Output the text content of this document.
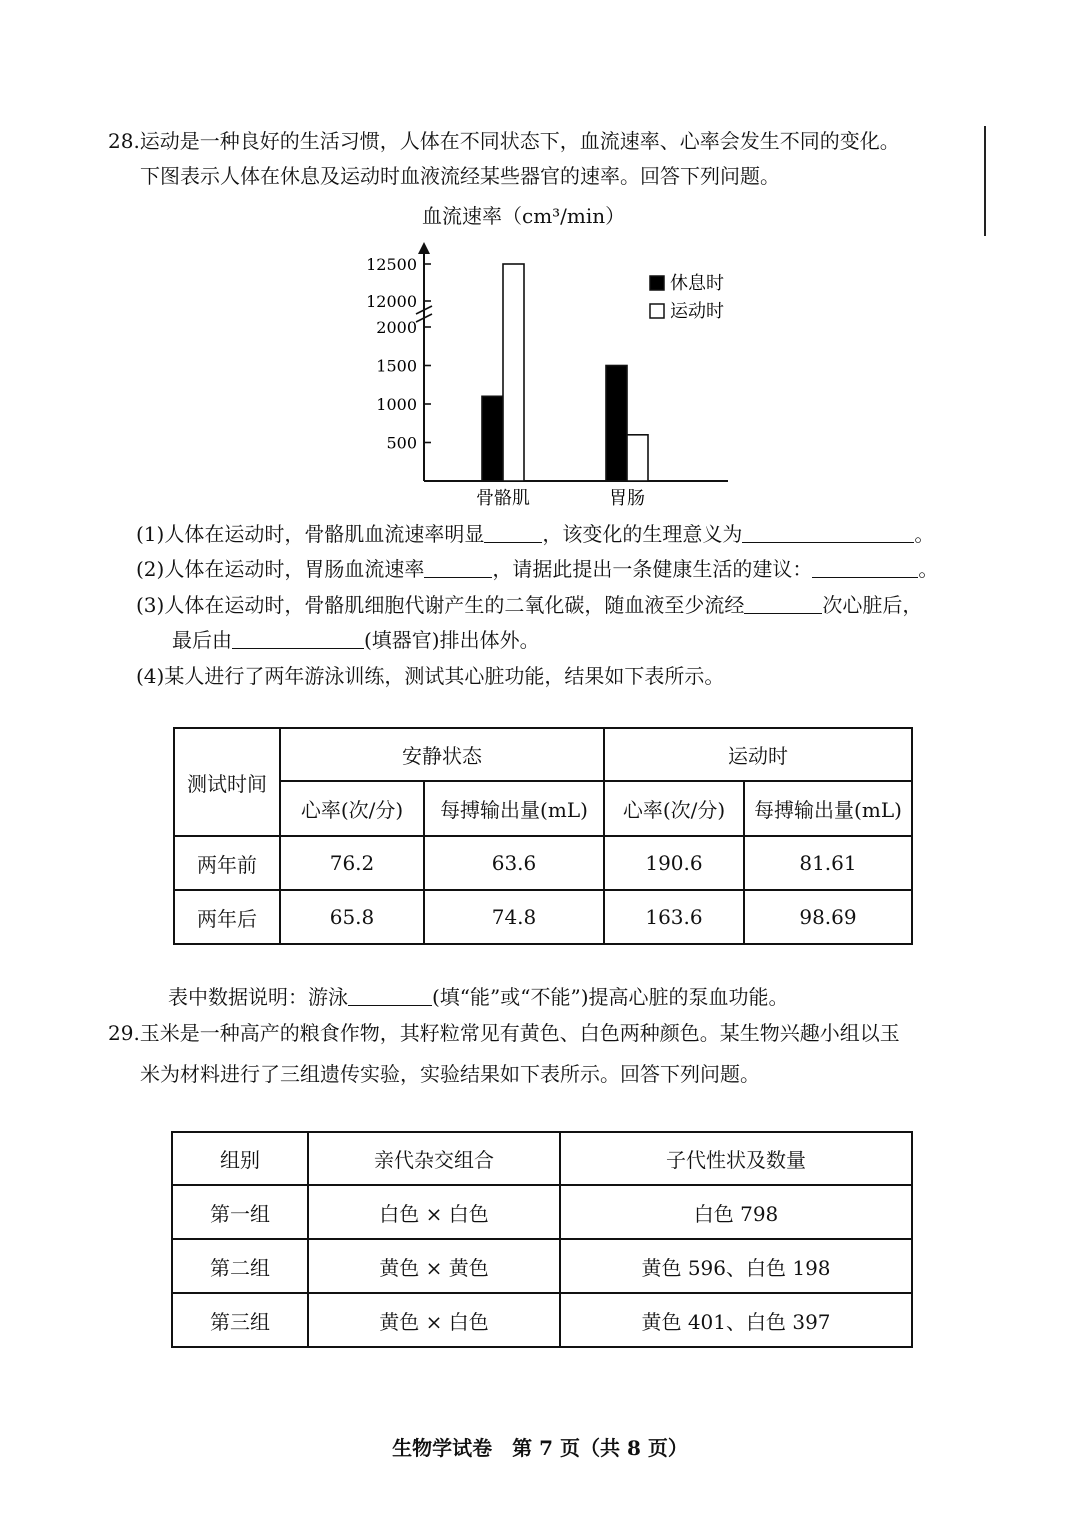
28.运动是一种良好的生活习惯，人体在不同状态下，血流速率、心率会发生不同的变化。
下图表示人体在休息及运动时血液流经某些器官的速率。回答下列问题。
血流速率（cm³/min）
12500
12000
2000
1500
1000
500
骨骼肌	胃肠
休息时
运动时
(1)人体在运动时，骨骼肌血流速率明显	，该变化的生理意义为	。
(2)人体在运动时，胃肠血流速率	，请据此提出一条健康生活的建议：	。
(3)人体在运动时，骨骼肌细胞代谢产生的二氧化碳，随血液至少流经	次心脏后，
最后由	(填器官)排出体外。
(4)某人进行了两年游泳训练，测试其心脏功能，结果如下表所示。
测试时间	安静状态		运动时	
	心率(次/分)	每搏输出量(mL)	心率(次/分)	每搏输出量(mL)
两年前	76.2	63.6	190.6	81.61
两年后	65.8	74.8	163.6	98.69
表中数据说明：游泳	(填“能”或“不能”)提高心脏的泵血功能。
29.玉米是一种高产的粮食作物，其籽粒常见有黄色、白色两种颜色。某生物兴趣小组以玉
米为材料进行了三组遗传实验，实验结果如下表所示。回答下列问题。
组别	亲代杂交组合	子代性状及数量
第一组	白色 × 白色	白色 798
第二组	黄色 × 黄色	黄色 596、白色 198
第三组	黄色 × 白色	黄色 401、白色 397
生物学试卷　第 7 页（共 8 页）
